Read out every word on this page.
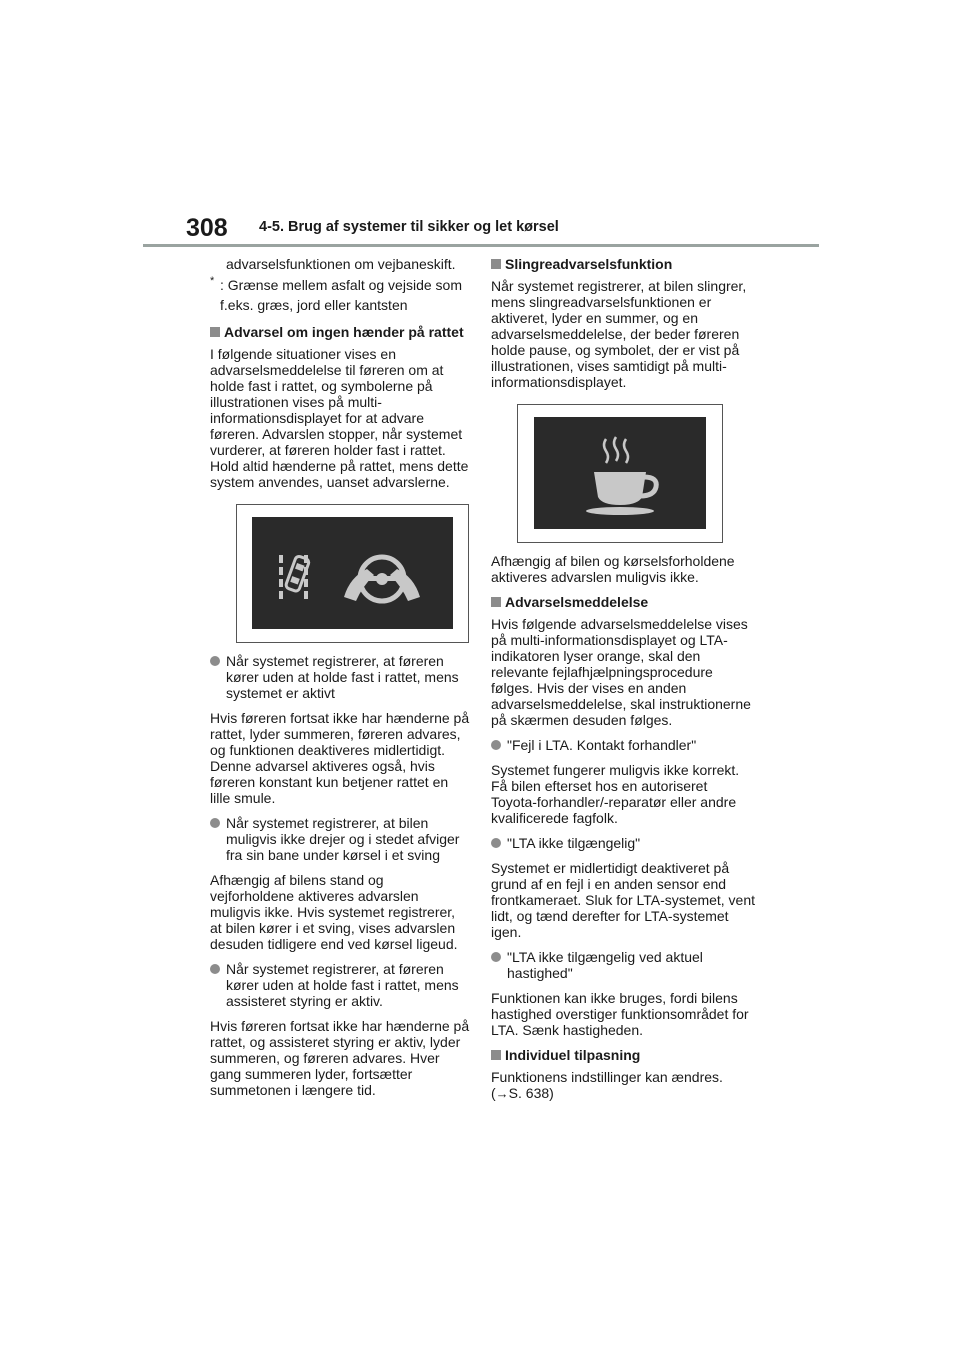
308 4-5. Brug af systemer til sikker og let kørsel

advarselsfunktionen om vejbaneskift.

* : Grænse mellem asfalt og vejside som f.eks. græs, jord eller kantsten
Advarsel om ingen hænder på rattet

I følgende situationer vises en advarselsmeddelelse til føreren om at holde fast i rattet, og symbolerne på illustrationen vises på multi-informationsdisplayet for at advare føreren. Advarslen stopper, når systemet vurderer, at føreren holder fast i rattet. Hold altid hænderne på rattet, mens dette system anvendes, uanset advarslerne.

Når systemet registrerer, at føreren kører uden at holde fast i rattet, mens systemet er aktivt

Hvis føreren fortsat ikke har hænderne på rattet, lyder summeren, føreren advares, og funktionen deaktiveres midlertidigt. Denne advarsel aktiveres også, hvis føreren konstant kun betjener rattet en lille smule.

Når systemet registrerer, at bilen muligvis ikke drejer og i stedet afviger fra sin bane under kørsel i et sving

Afhængig af bilens stand og vejforholdene aktiveres advarslen muligvis ikke. Hvis systemet registrerer, at bilen kører i et sving, vises advarslen desuden tidligere end ved kørsel ligeud.

Når systemet registrerer, at føreren kører uden at holde fast i rattet, mens assisteret styring er aktiv.

Hvis føreren fortsat ikke har hænderne på rattet, og assisteret styring er aktiv, lyder summeren, og føreren advares. Hver gang summeren lyder, fortsætter summetonen i længere tid.

Slingreadvarselsfunktion

Når systemet registrerer, at bilen slingrer, mens slingreadvarselsfunktionen er aktiveret, lyder en summer, og en advarselsmeddelelse, der beder føreren holde pause, og symbolet, der er vist på illustrationen, vises samtidigt på multi-informationsdisplayet.

Afhængig af bilen og kørselsforholdene aktiveres advarslen muligvis ikke.

Advarselsmeddelelse

Hvis følgende advarselsmeddelelse vises på multi-informationsdisplayet og LTA-indikatoren lyser orange, skal den relevante fejlafhjælpningsprocedure følges. Hvis der vises en anden advarselsmeddelelse, skal instruktionerne på skærmen desuden følges.

"Fejl i LTA. Kontakt forhandler"

Systemet fungerer muligvis ikke korrekt. Få bilen efterset hos en autoriseret Toyota-forhandler/-reparatør eller andre kvalificerede fagfolk.

"LTA ikke tilgængelig"

Systemet er midlertidigt deaktiveret på grund af en fejl i en anden sensor end frontkameraet. Sluk for LTA-systemet, vent lidt, og tænd derefter for LTA-systemet igen.

"LTA ikke tilgængelig ved aktuel hastighed"

Funktionen kan ikke bruges, fordi bilens hastighed overstiger funktionsområdet for LTA. Sænk hastigheden.

Individuel tilpasning

Funktionens indstillinger kan ændres.
(→S. 638)
